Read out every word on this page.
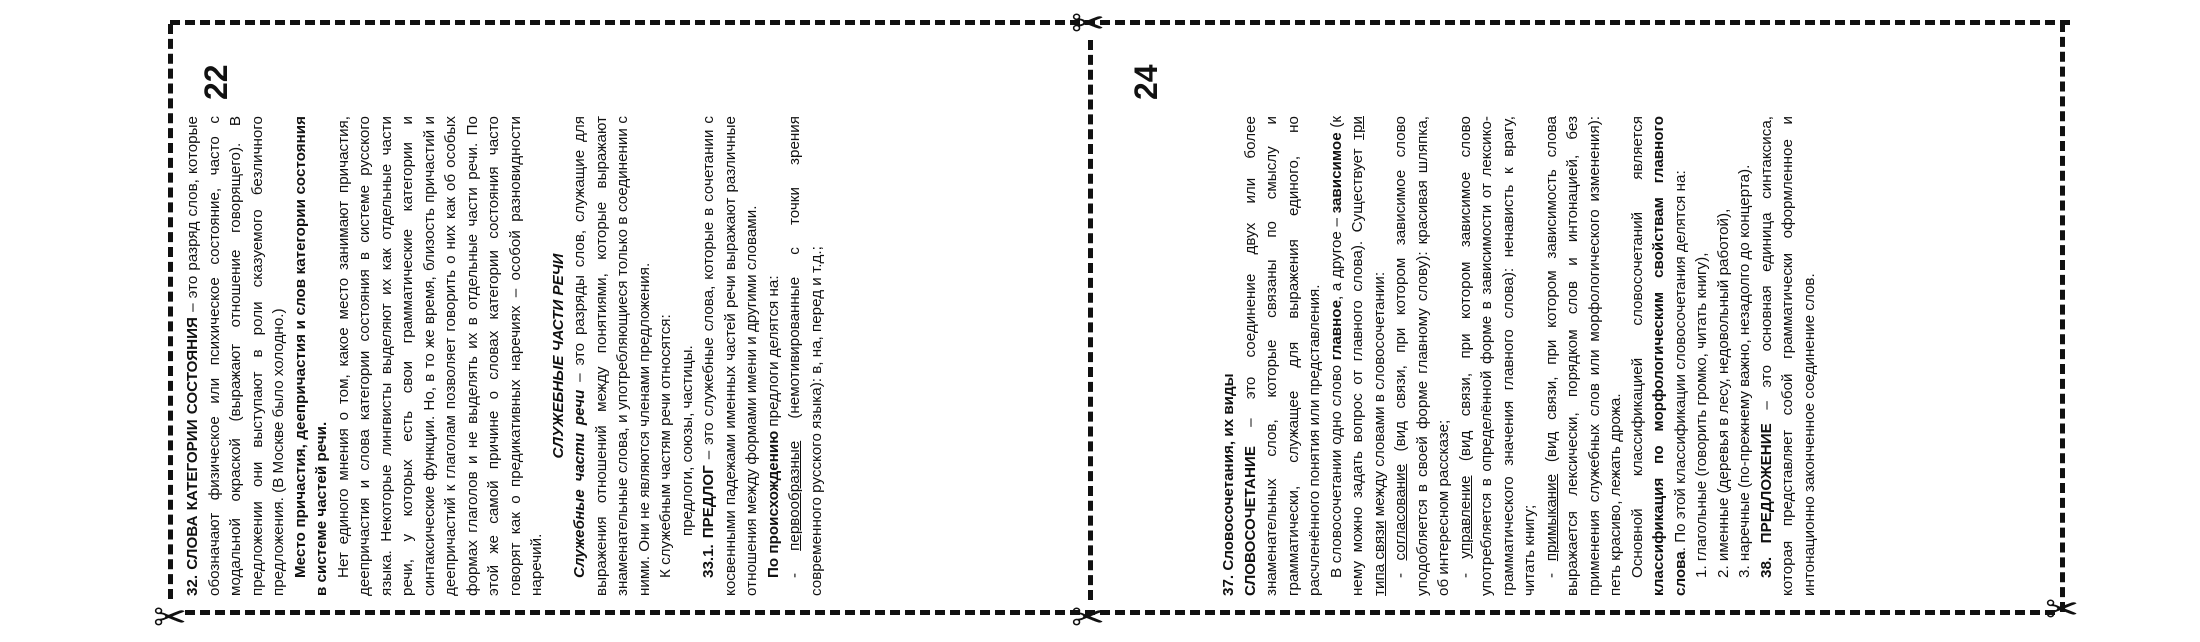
✂
✂
✂	✂
22	24

32. СЛОВА КАТЕГОРИИ СОСТОЯНИЯ – это разряд слов, которые обозначают физическое или психическое состояние, часто с модальной окраской (выражают отношение говорящего). В предложении они выступают в роли сказуемого безличного предложения. (В Москве было холодно.) Место причастия, деепричастия и слов категории состояния в системе частей речи. Нет единого мнения о том, какое место занимают причастия, деепричастия и слова категории состояния в системе русского языка. Некоторые лингвисты выделяют их как отдельные части речи, у которых есть свои грамматические категории и синтаксические функции. Но, в то же время, близость причастий и деепричастий к глаголам позволяет говорить о них как об особых формах глаголов и не выделять их в отдельные части речи. По этой же самой причине о словах категории состояния часто говорят как о предикативных наречиях – особой разновидности наречий.

СЛУЖЕБНЫЕ ЧАСТИ РЕЧИ

Служебные части речи – это разряды слов, служащие для выражения отношений между понятиями, которые выражают знаменательные слова, и употребляющиеся только в соединении с ними. Они не являются членами предложения. К служебным частям речи относятся: предлоги, союзы, частицы. 33.1. ПРЕДЛОГ – это служебные слова, которые в сочетании с косвенными падежами именных частей речи выражают различные отношения между формами имени и другими словами. По происхождению предлоги делятся на:

- первообразные (немотивированные с точки зрения современного русского языка): в, на, перед и т.д.;	37. Словосочетания, их виды СЛОВОСОЧЕТАНИЕ – это соединение двух или более знаменательных слов, которые связаны по смыслу и грамматически, служащее для выражения единого, но расчленённого понятия или представления. В словосочетании одно слово главное, а другое – зависимое (к нему можно задать вопрос от главного слова). Существует три типа связи между словами в словосочетании:

- согласование (вид связи, при котором зависимое слово уподобляется в своей форме главному слову): красивая шляпка, об интересном рассказе; - управление (вид связи, при котором зависимое слово употребляется в определённой форме в зависимости от лексико-грамматического значения главного слова): ненависть к врагу, читать книгу; - примыкание (вид связи, при котором зависимость слова выражается лексически, порядком слов и интонацией, без применения служебных слов или морфологического изменения): петь красиво, лежать дрожа. Основной классификацией словосочетаний является классификация по морфологическим свойствам главного слова. По этой классификации словосочетания делятся на: 1. глагольные (говорить громко, читать книгу), 2. именные (деревья в лесу, недовольный работой), 3. наречные (по-прежнему важно, незадолго до концерта). 38. ПРЕДЛОЖЕНИЕ – это основная единица синтаксиса, которая представляет собой грамматически оформленное и интонационно законченное соединение слов.
